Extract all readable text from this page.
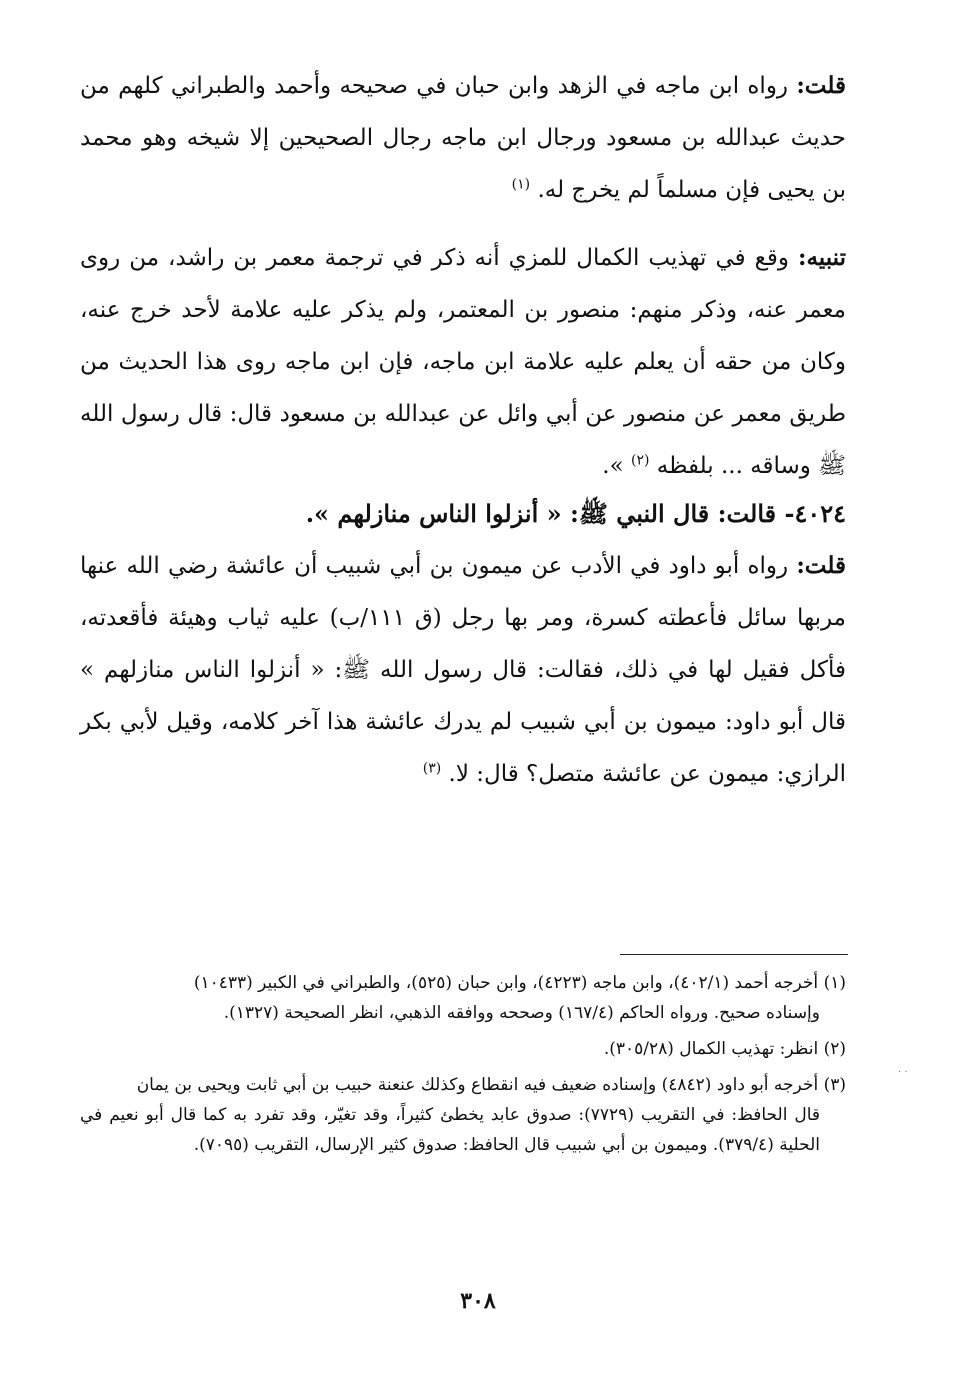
قلت: رواه ابن ماجه في الزهد وابن حبان في صحيحه وأحمد والطبراني كلهم من حديث عبدالله بن مسعود ورجال ابن ماجه رجال الصحيحين إلا شيخه وهو محمد بن يحيى فإن مسلماً لم يخرج له. $^{(١)}$
تنبيه: وقع في تهذيب الكمال للمزي أنه ذكر في ترجمة معمر بن راشد، من روى معمر عنه، وذكر منهم: منصور بن المعتمر، ولم يذكر عليه علامة لأحد خرج عنه، وكان من حقه أن يعلم عليه علامة ابن ماجه، فإن ابن ماجه روى هذا الحديث من طريق معمر عن منصور عن أبي وائل عن عبدالله بن مسعود قال: قال رسول الله ﷺ وساقه ... بلفظه $^{(٢)}$ ».
٤٠٢٤- قالت: قال النبي ﷺ: « أنزلوا الناس منازلهم ».
قلت: رواه أبو داود في الأدب عن ميمون بن أبي شبيب أن عائشة رضي الله عنها مربها سائل فأعطته كسرة، ومر بها رجل (ق ١١١/ب) عليه ثياب وهيئة فأقعدته، فأكل فقيل لها في ذلك، فقالت: قال رسول الله ﷺ: « أنزلوا الناس منازلهم » قال أبو داود: ميمون بن أبي شبيب لم يدرك عائشة هذا آخر كلامه، وقيل لأبي بكر الرازي: ميمون عن عائشة متصل؟ قال: لا. $^{(٣)}$
(١) أخرجه أحمد (٤٠٢/١)، وابن ماجه (٤٢٢٣)، وابن حبان (٥٢٥)، والطبراني في الكبير (١٠٤٣٣)
وإسناده صحيح. ورواه الحاكم (١٦٧/٤) وصححه ووافقه الذهبي، انظر الصحيحة (١٣٢٧).
(٢) انظر: تهذيب الكمال (٣٠٥/٢٨).
(٣) أخرجه أبو داود (٤٨٤٢) وإسناده ضعيف فيه انقطاع وكذلك عنعنة حبيب بن أبي ثابت ويحيى بن يمان
قال الحافظ: في التقريب (٧٧٢٩): صدوق عابد يخطئ كثيراً، وقد تغيّر، وقد تفرد به كما قال أبو نعيم في الحلية (٣٧٩/٤). وميمون بن أبي شبيب قال الحافظ: صدوق كثير الإرسال، التقريب (٧٠٩٥).
. .
٣٠٨
